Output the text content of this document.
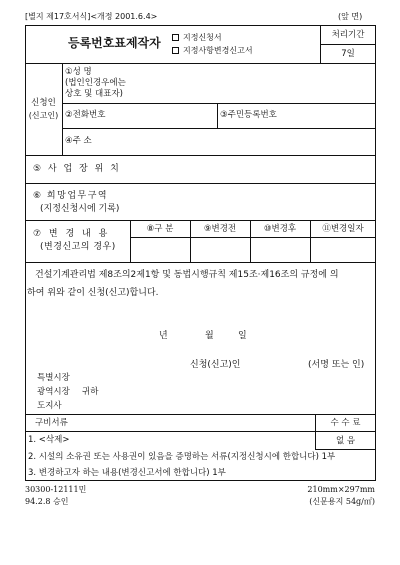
[별지 제17호서식]<개정 2001.6.4>	(앞 면)
등록번호표제작자	지정신청서
지정사항변경신고서
처리기간
7일
신청인
(신고인)
①성 명
(법인인경우에는
상호 및 대표자)
②전화번호	③주민등록번호
④주 소
⑤ 사 업 장 위 치
⑥ 희망업무구역
(지정신청시에 기록)
⑦ 변 경 내 용
(변경신고의 경우)
⑧구 분	⑨변경전	⑩변경후	⑪변경일자
건설기계관리법 제8조의2제1항 및 동법시행규칙 제15조·제16조의 규정에 의
하여 위와 같이 신청(신고)합니다.
년	월	일
신청(신고)인	(서명 또는 인)
특별시장
광역시장
도지사
귀하
구비서류	수 수 료
1. <삭제>	없 음
2. 시설의 소유권 또는 사용권이 있음을 증명하는 서류(지정신청시에 한합니다) 1부
3. 변경하고자 하는 내용(변경신고서에 한합니다) 1부
30300-12111민
94.2.8 승인
210mm×297mm
(신문용지 54g/㎡)
